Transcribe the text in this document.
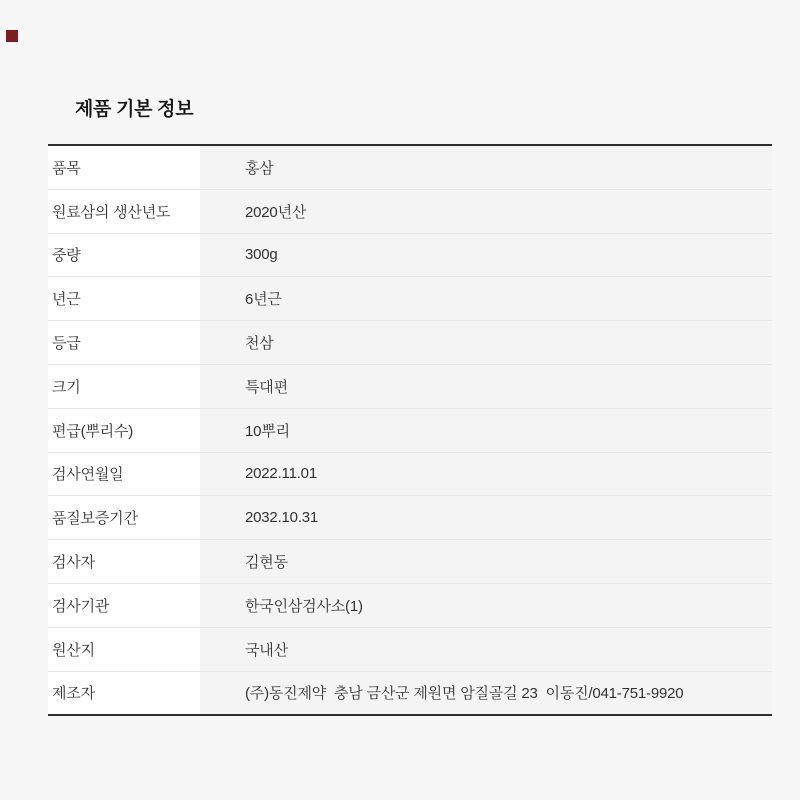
제품 기본 정보
품목	홍삼
원료삼의 생산년도	2020년산
중량	300g
년근	6년근
등급	천삼
크기	특대편
편급(뿌리수)	10뿌리
검사연월일	2022.11.01
품질보증기간	2032.10.31
검사자	김현동
검사기관	한국인삼검사소(1)
원산지	국내산
제조자	(주)동진제약  충남 금산군 제원면 암질골길 23  이동진/041-751-9920
